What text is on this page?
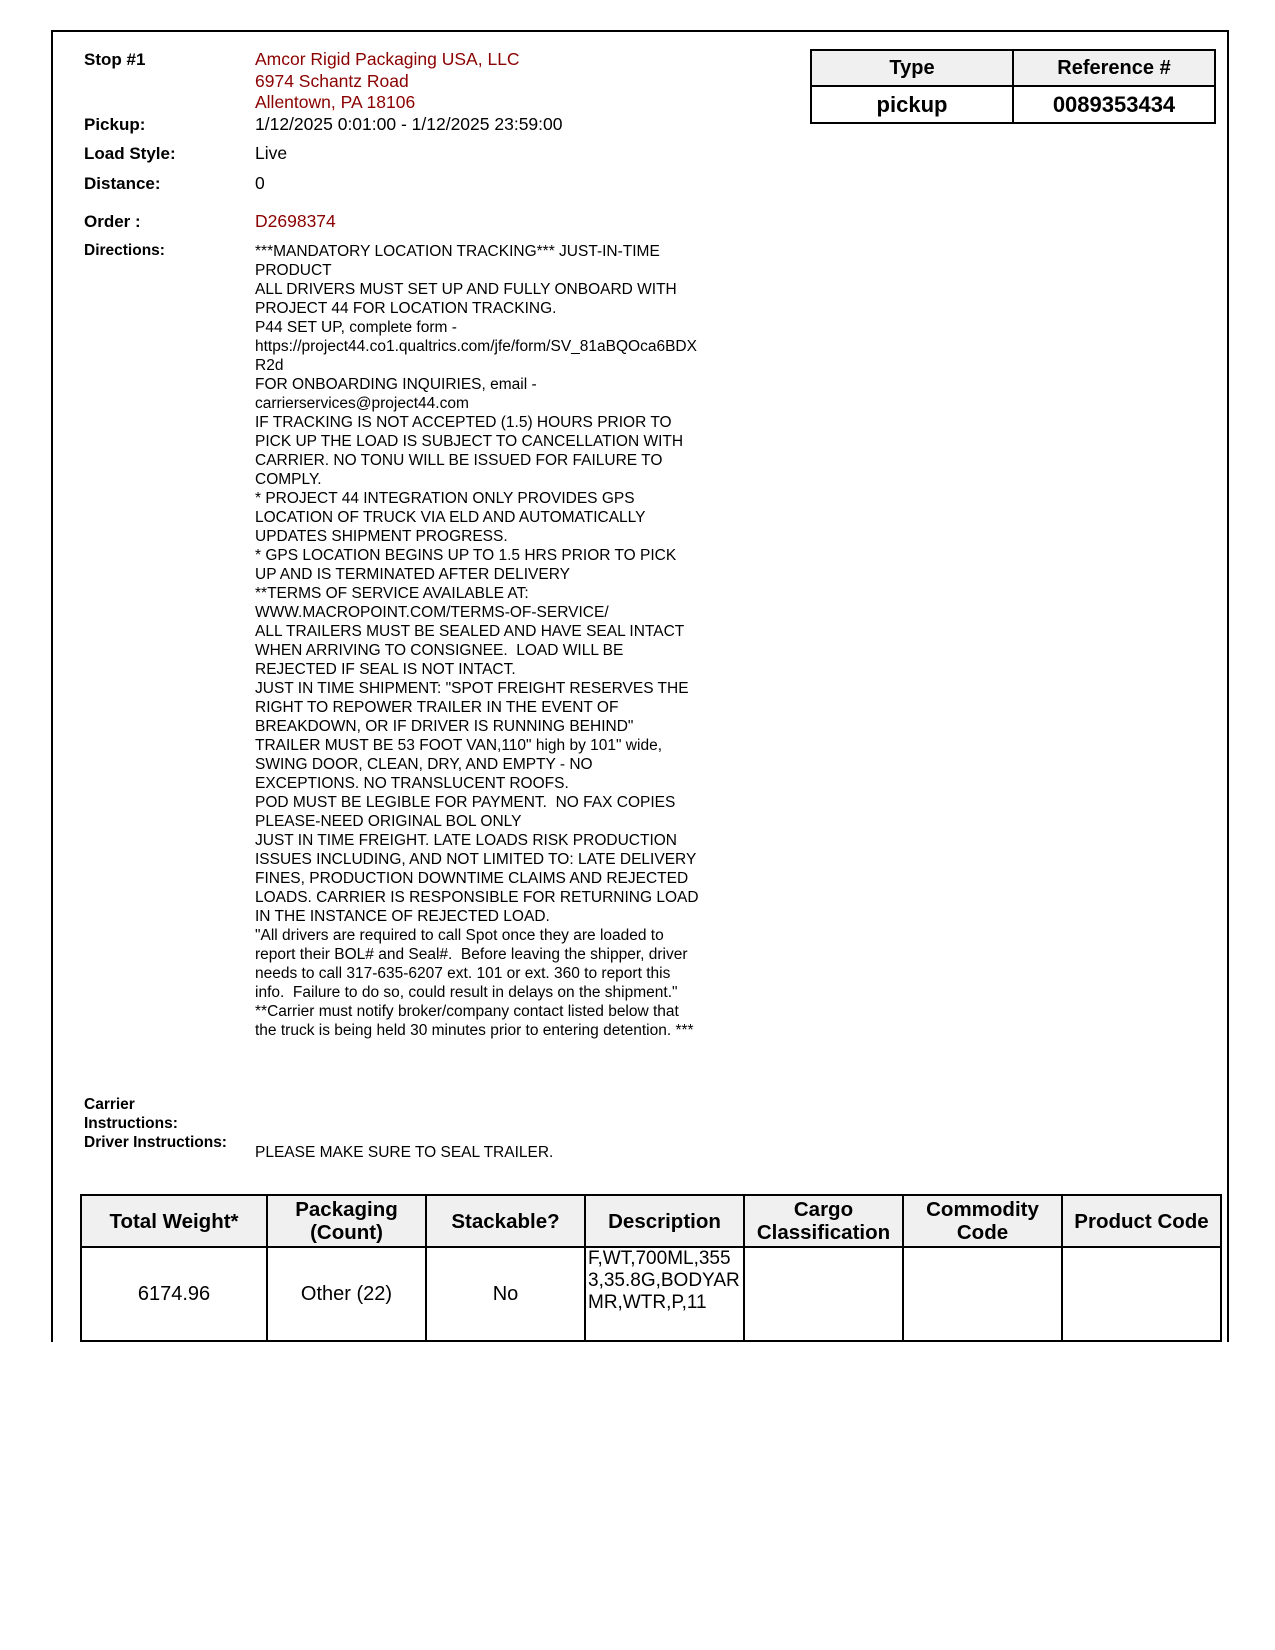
Stop #1	Amcor Rigid Packaging USA, LLC
6974 Schantz Road
Allentown, PA 18106
Pickup:	1/12/2025 0:01:00 - 1/12/2025 23:59:00
Load Style:	Live
Distance:	0
Order :	D2698374
Directions:	***MANDATORY LOCATION TRACKING*** JUST-IN-TIME
PRODUCT
ALL DRIVERS MUST SET UP AND FULLY ONBOARD WITH
PROJECT 44 FOR LOCATION TRACKING.
P44 SET UP, complete form -
https://project44.co1.qualtrics.com/jfe/form/SV_81aBQOca6BDX
R2d
FOR ONBOARDING INQUIRIES, email -
carrierservices@project44.com
IF TRACKING IS NOT ACCEPTED (1.5) HOURS PRIOR TO
PICK UP THE LOAD IS SUBJECT TO CANCELLATION WITH
CARRIER. NO TONU WILL BE ISSUED FOR FAILURE TO
COMPLY.
* PROJECT 44 INTEGRATION ONLY PROVIDES GPS
LOCATION OF TRUCK VIA ELD AND AUTOMATICALLY
UPDATES SHIPMENT PROGRESS.
* GPS LOCATION BEGINS UP TO 1.5 HRS PRIOR TO PICK
UP AND IS TERMINATED AFTER DELIVERY
**TERMS OF SERVICE AVAILABLE AT:
WWW.MACROPOINT.COM/TERMS-OF-SERVICE/
ALL TRAILERS MUST BE SEALED AND HAVE SEAL INTACT
WHEN ARRIVING TO CONSIGNEE.  LOAD WILL BE
REJECTED IF SEAL IS NOT INTACT.
JUST IN TIME SHIPMENT: "SPOT FREIGHT RESERVES THE
RIGHT TO REPOWER TRAILER IN THE EVENT OF
BREAKDOWN, OR IF DRIVER IS RUNNING BEHIND"
TRAILER MUST BE 53 FOOT VAN,110" high by 101" wide,
SWING DOOR, CLEAN, DRY, AND EMPTY - NO
EXCEPTIONS. NO TRANSLUCENT ROOFS.
POD MUST BE LEGIBLE FOR PAYMENT.  NO FAX COPIES
PLEASE-NEED ORIGINAL BOL ONLY
JUST IN TIME FREIGHT. LATE LOADS RISK PRODUCTION
ISSUES INCLUDING, AND NOT LIMITED TO: LATE DELIVERY
FINES, PRODUCTION DOWNTIME CLAIMS AND REJECTED
LOADS. CARRIER IS RESPONSIBLE FOR RETURNING LOAD
IN THE INSTANCE OF REJECTED LOAD.
"All drivers are required to call Spot once they are loaded to
report their BOL# and Seal#.  Before leaving the shipper, driver
needs to call 317-635-6207 ext. 101 or ext. 360 to report this
info.  Failure to do so, could result in delays on the shipment."
**Carrier must notify broker/company contact listed below that
the truck is being held 30 minutes prior to entering detention. ***
Carrier
Instructions:
Driver Instructions:
PLEASE MAKE SURE TO SEAL TRAILER.
Type	Reference #
pickup	0089353434
Total Weight*	Packaging (Count)	Stackable?	Description	Cargo Classification	Commodity Code	Product Code
6174.96	Other (22)	No	F,WT,700ML,3553,35.8G,BODYARMR,WTR,P,11			
